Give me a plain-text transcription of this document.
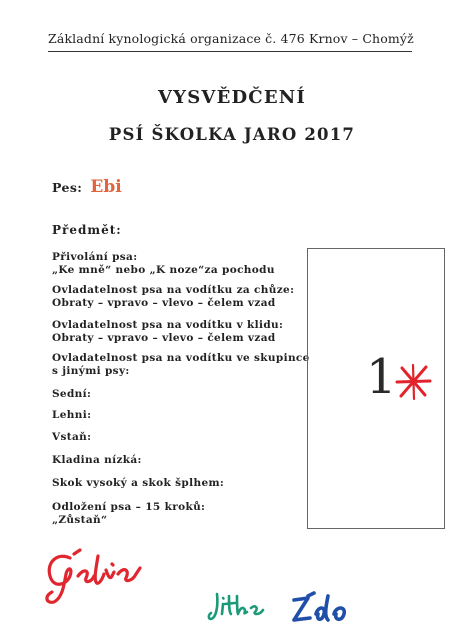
Základní kynologická organizace č. 476 Krnov – Chomýž
VYSVĚDČENÍ
PSÍ ŠKOLKA JARO 2017
Pes: Ebi
Předmět:
Přivolání psa:
„Ke mně“ nebo „K noze“za pochodu
Ovladatelnost psa na vodítku za chůze:
Obraty – vpravo – vlevo – čelem vzad
Ovladatelnost psa na vodítku v klidu:
Obraty – vpravo – vlevo – čelem vzad
Ovladatelnost psa na vodítku ve skupince
s jinými psy:
Sední:
Lehni:
Vstaň:
Kladina nízká:
Skok vysoký a skok šplhem:
Odložení psa – 15 kroků:
„Zůstaň“
1
